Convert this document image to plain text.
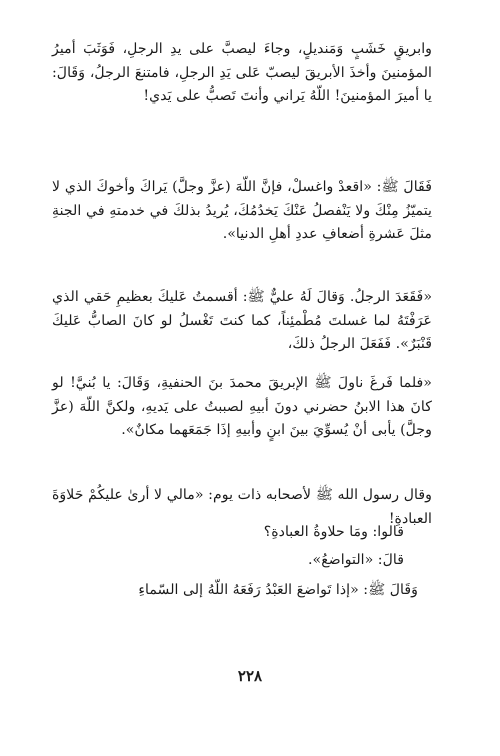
وابريقٍ خَشَبٍ وَمَنديلٍ، وجاءَ ليصبَّ على يدِ الرجلِ، فَوَثَبَ أميرُ المؤمنينَ وأخذَ الأبريقَ ليصبّ عَلى يَدِ الرجلِ، فامتنعَ الرجلُ، وَقَالَ: يا أميرَ المؤمنينَ! اللّهُ يَراني وأنتَ تَصبُّ على يَدي!

فَقَالَ ﷺ: «اقعدْ واغسلْ، فإنَّ اللّهَ (عزَّ وجلَّ) يَراكَ وأخوكَ الذي لا يتميّزُ مِنْكَ ولا يَنْفصلُ عَنْكَ يَخدُمُكَ، يُريدُ بذلكَ في خدمتهِ في الجنةِ مثلَ عَشرةِ أضعافِ عددِ أهلِ الدنيا».

«فَقَعَدَ الرجلُ. وَقالَ لَهُ عليٌّ ﷺ: أقسمتُ عَليكَ بعظيمِ حَقي الذي عَرَفْتَهُ لما غسلتَ مُطْمئِناً، كما كنتَ تَغْسلُ لو كانَ الصابُّ عَليكَ قَنْبَرٌ». فَفَعَلَ الرجلُ ذلكَ،

«فلما فَرغَ ناولَ ﷺ الإبريقَ محمدَ بنَ الحنفيةِ، وَقَالَ: يا بُنيَّ! لو كانَ هذا الابنُ حضرني دونَ أبيهِ لصببتُ على يَديهِ، ولكنَّ اللّهَ (عزَّ وجلَّ) يأبى أنْ يُسوِّيَ بينَ ابنٍ وأبيهِ إذَا جَمَعَهما مكانٌ».

وقال رسول الله ﷺ لأصحابه ذات يوم: «مالي لا أرىٰ عليكُمْ حَلاوَةَ العبادةِ!

قالوا: ومَا حلاوةُ العبادةِ؟

قالَ: «التواضعُ».

وَقَالَ ﷺ: «إذا تَواضعَ العَبْدُ رَفَعَهُ اللّهُ إلى السّماءِ

٢٢٨
